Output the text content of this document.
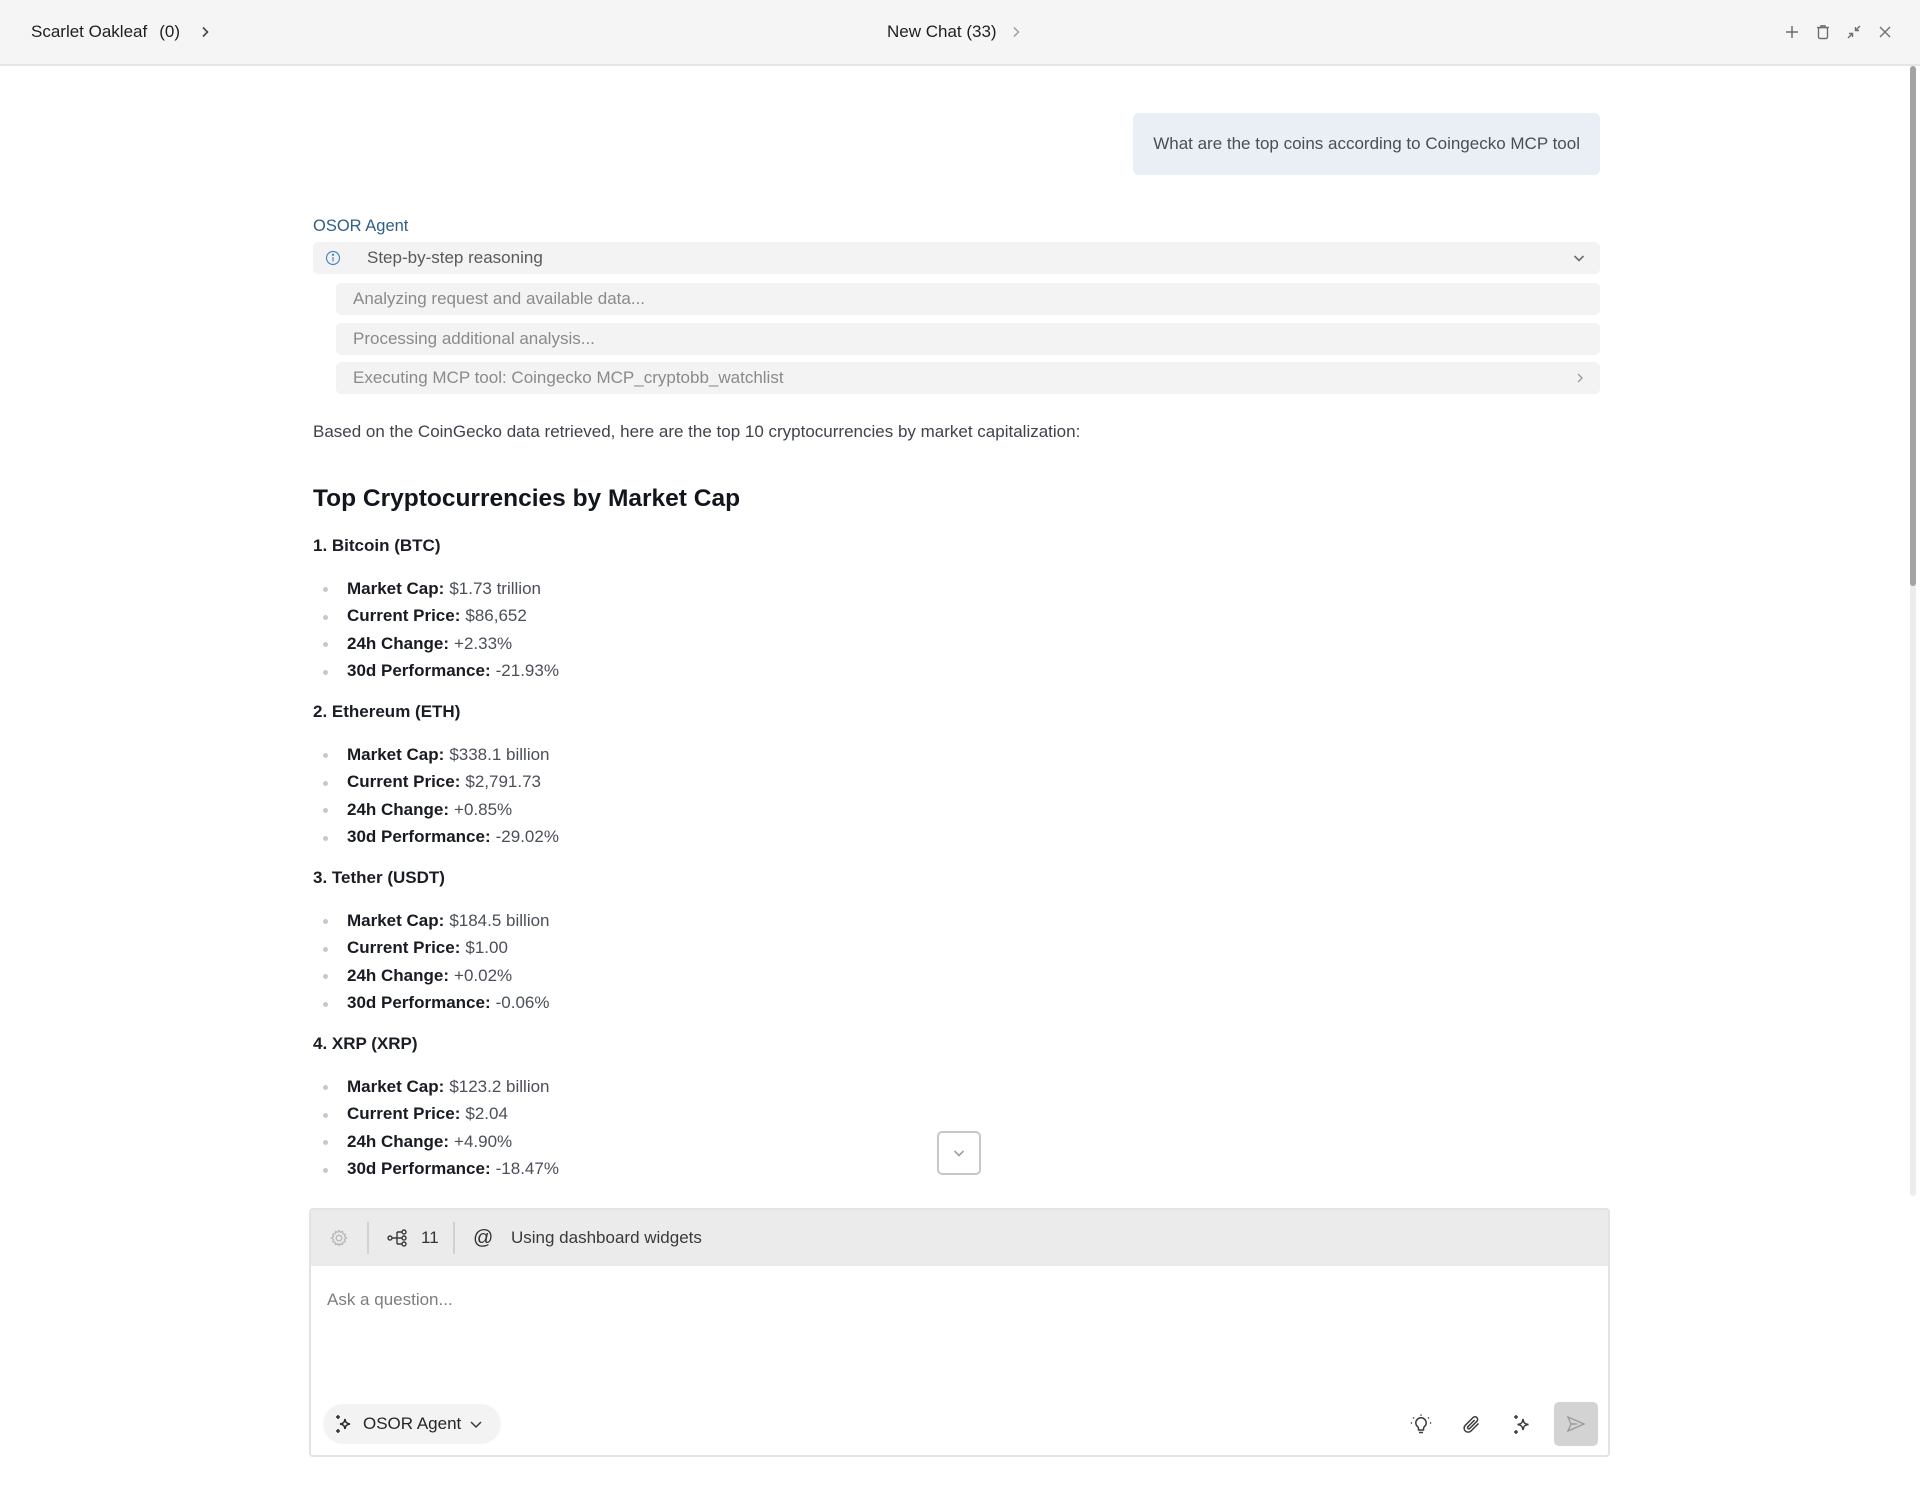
Scarlet Oakleaf (0)	New Chat (33)
What are the top coins according to Coingecko MCP tool
OSOR Agent
Step-by-step reasoning
Analyzing request and available data...
Processing additional analysis...
Executing MCP tool: Coingecko MCP_cryptobb_watchlist
Based on the CoinGecko data retrieved, here are the top 10 cryptocurrencies by market capitalization:
Top Cryptocurrencies by Market Cap
1. Bitcoin (BTC)
Market Cap: $1.73 trillion
Current Price: $86,652
24h Change: +2.33%
30d Performance: -21.93%
2. Ethereum (ETH)
Market Cap: $338.1 billion
Current Price: $2,791.73
24h Change: +0.85%
30d Performance: -29.02%
3. Tether (USDT)
Market Cap: $184.5 billion
Current Price: $1.00
24h Change: +0.02%
30d Performance: -0.06%
4. XRP (XRP)
Market Cap: $123.2 billion
Current Price: $2.04
24h Change: +4.90%
30d Performance: -18.47%
11 @ Using dashboard widgets
Ask a question...
OSOR Agent
